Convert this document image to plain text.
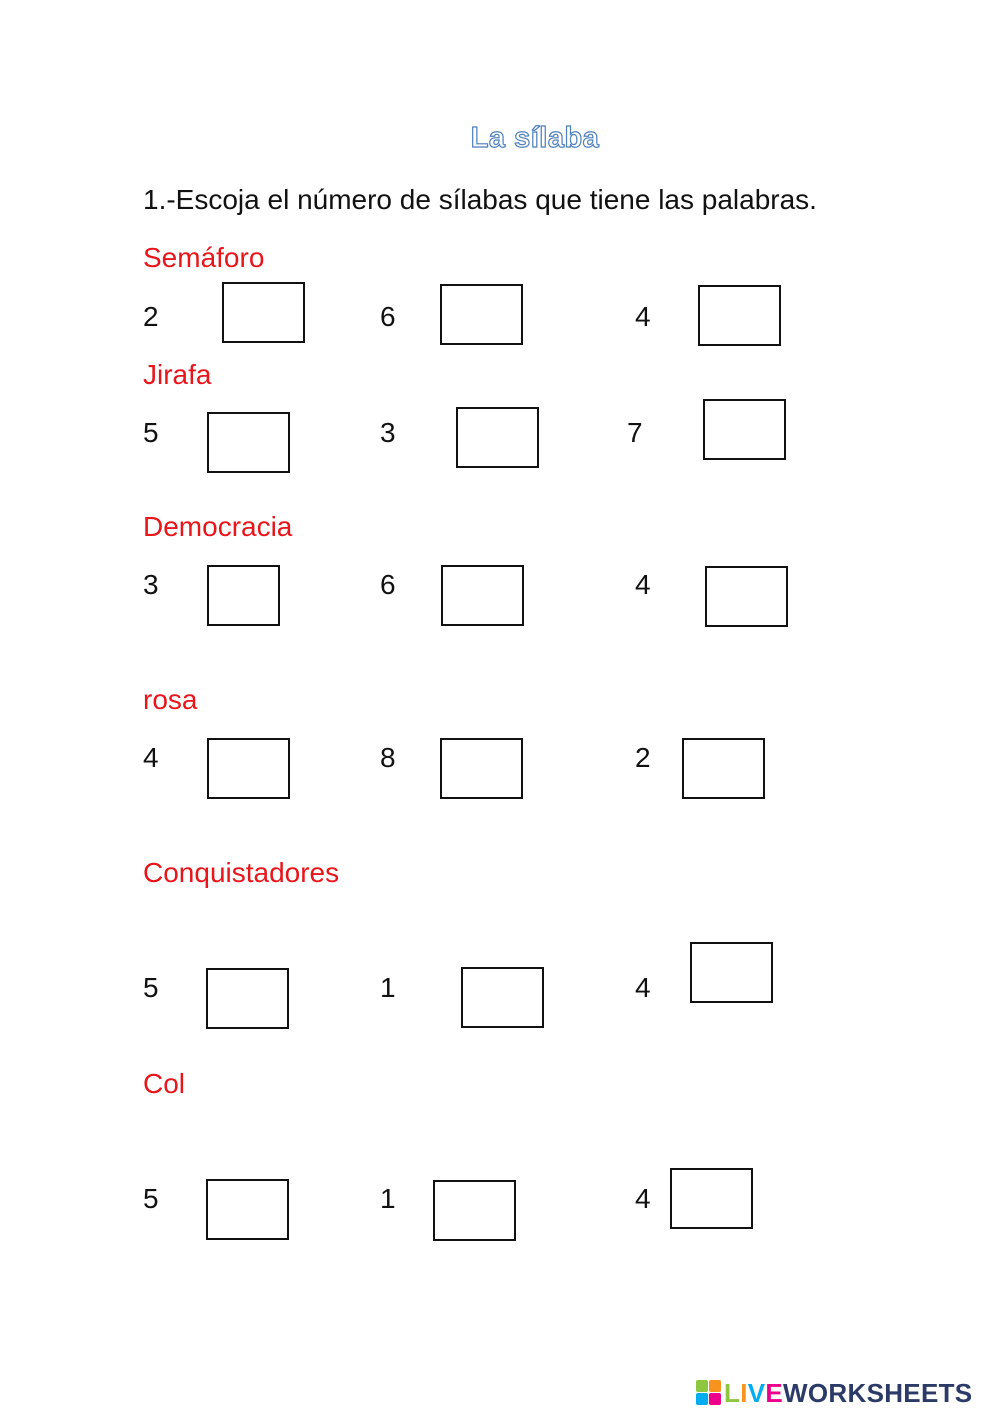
La sílaba
1.-Escoja el número de sílabas que tiene las palabras.
Semáforo
2	6	4
Jirafa
5	3	7
Democracia
3	6	4
rosa
4	8	2
Conquistadores
5	1	4
Col
5	1	4
LIVEWORKSHEETS
